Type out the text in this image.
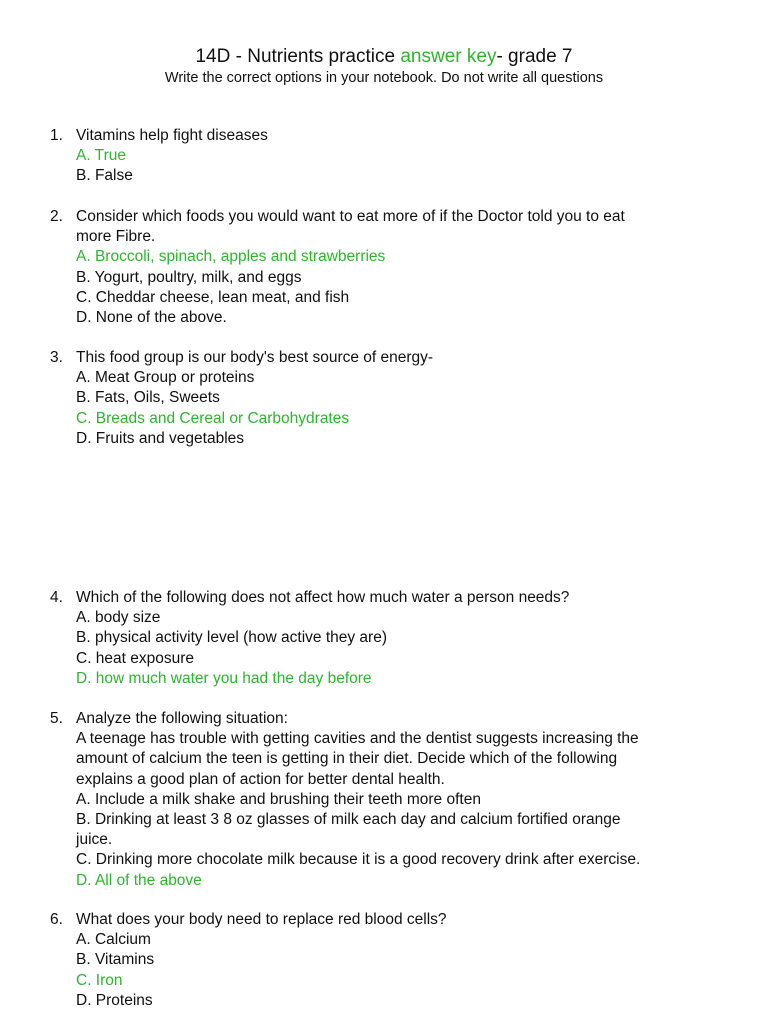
14D - Nutrients practice answer key- grade 7
Write the correct options in your notebook. Do not write all questions
1. Vitamins help fight diseases
A. True
B. False
2. Consider which foods you would want to eat more of if the Doctor told you to eat
more Fibre.
A. Broccoli, spinach, apples and strawberries
B. Yogurt, poultry, milk, and eggs
C. Cheddar cheese, lean meat, and fish
D. None of the above.
3. This food group is our body's best source of energy-
A. Meat Group or proteins
B. Fats, Oils, Sweets
C. Breads and Cereal or Carbohydrates
D. Fruits and vegetables
4. Which of the following does not affect how much water a person needs?
A. body size
B. physical activity level (how active they are)
C. heat exposure
D. how much water you had the day before
5. Analyze the following situation:
A teenage has trouble with getting cavities and the dentist suggests increasing the
amount of calcium the teen is getting in their diet. Decide which of the following
explains a good plan of action for better dental health.
A. Include a milk shake and brushing their teeth more often
B. Drinking at least 3 8 oz glasses of milk each day and calcium fortified orange
juice.
C. Drinking more chocolate milk because it is a good recovery drink after exercise.
D. All of the above
6. What does your body need to replace red blood cells?
A. Calcium
B. Vitamins
C. Iron
D. Proteins
